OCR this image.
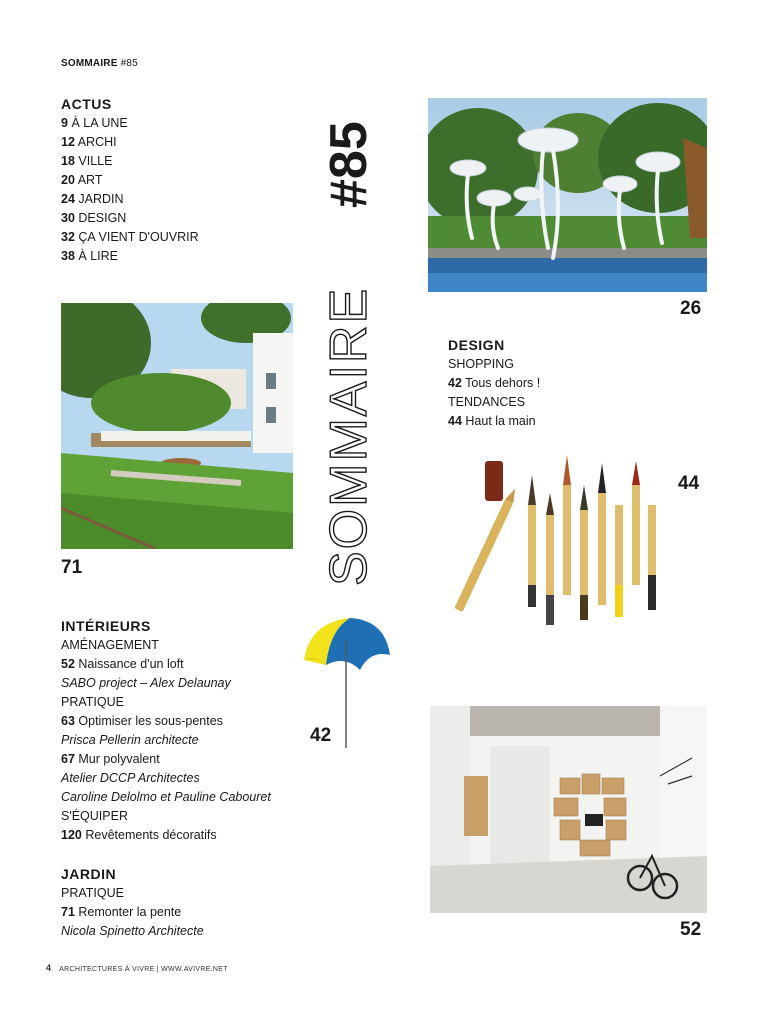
SOMMAIRE #85
ACTUS
9 À LA UNE
12 ARCHI
18 VILLE
20 ART
24 JARDIN
30 DESIGN
32 ÇA VIENT D'OUVRIR
38 À LIRE
SOMMAIRE
#85
26
71
DESIGN
SHOPPING
42 Tous dehors !
TENDANCES
44 Haut la main
44
42
INTÉRIEURS
AMÉNAGEMENT
52 Naissance d'un loft
SABO project – Alex Delaunay
PRATIQUE
63 Optimiser les sous-pentes
Prisca Pellerin architecte
67 Mur polyvalent
Atelier DCCP Architectes
Caroline Delolmo et Pauline Cabouret
S'ÉQUIPER
120 Revêtements décoratifs
JARDIN
PRATIQUE
71 Remonter la pente
Nicola Spinetto Architecte	52
4 ARCHITECTURES À VIVRE | WWW.AVIVRE.NET
